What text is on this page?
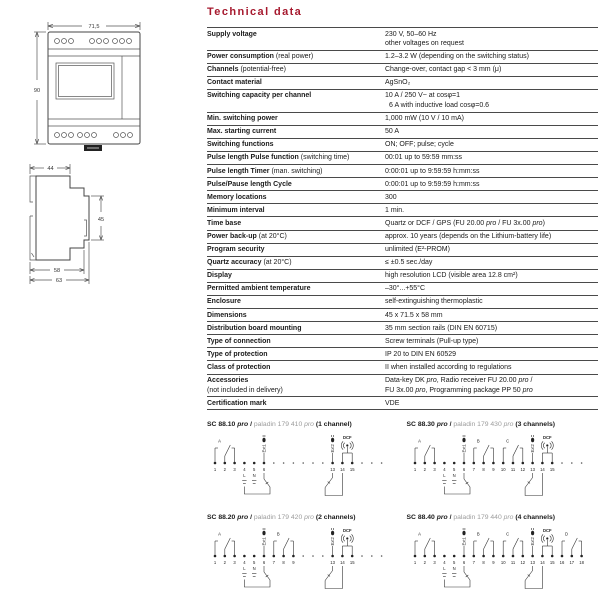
71,5
90
44
45
58
63
Technical data
Supply voltage	230 V, 50–60 Hz
other voltages on request
Power consumption (real power)	1.2–3.2 W (depending on the switching status)
Channels (potential-free)	Change-over, contact gap < 3 mm (μ)
Contact material	AgSnO₂
Switching capacity per channel	10 A / 250 V~ at cosφ=1
6 A with inductive load cosφ=0.6
Min. switching power	1,000 mW (10 V / 10 mA)
Max. starting current	50 A
Switching functions	ON; OFF; pulse; cycle
Pulse length Pulse function (switching time)	00:01 up to 59:59 mm:ss
Pulse length Timer (man. switching)	0:00:01 up to 9:59:59 h:mm:ss
Pulse/Pause length Cycle	0:00:01 up to 9:59:59 h:mm:ss
Memory locations	300
Minimum interval	1 min.
Time base	Quartz or DCF / GPS (FU 20.00 pro / FU 3x.00 pro)
Power back-up (at 20°C)	approx. 10 years (depends on the Lithium-battery life)
Program security	unlimited (E²-PROM)
Quartz accuracy (at 20°C)	≤ ±0.5 sec./day
Display	high resolution LCD (visible area 12.8 cm²)
Permitted ambient temperature	–30°...+55°C
Enclosure	self-extinguishing thermoplastic
Dimensions	45 x 71.5 x 58 mm
Distribution board mounting	35 mm section rails (DIN EN 60715)
Type of connection	Screw terminals (Pull-up type)
Type of protection	IP 20 to DIN EN 60529
Class of protection	II when installed according to regulations
Accessories
(not included in delivery)
Data-key DK pro, Radio receiver FU 20.00 pro /
FU 3x.00 pro, Programming package PP 50 pro
Certification mark	VDE
SC 88.10 pro / paladin 179 410 pro (1 channel)
1 2 3 4 5 6	13 14 15
A
Ext1	Ext2
DCF
L N
SC 88.30 pro / paladin 179 430 pro (3 channels)
1 2 3 4 5 6 7 8 9 10 11 12 13 14 15
A	B	C
Ext1	Ext2
DCF
L N
SC 88.20 pro / paladin 179 420 pro (2 channels)
1 2 3 4 5 6 7 8 9	13 14 15
A	B
Ext1	Ext2
DCF
L N
SC 88.40 pro / paladin 179 440 pro (4 channels)
1 2 3 4 5 6 7 8 9 10 11 12 13 14 15 16 17 18
A	B	C	D
Ext1	Ext2
DCF
L N
